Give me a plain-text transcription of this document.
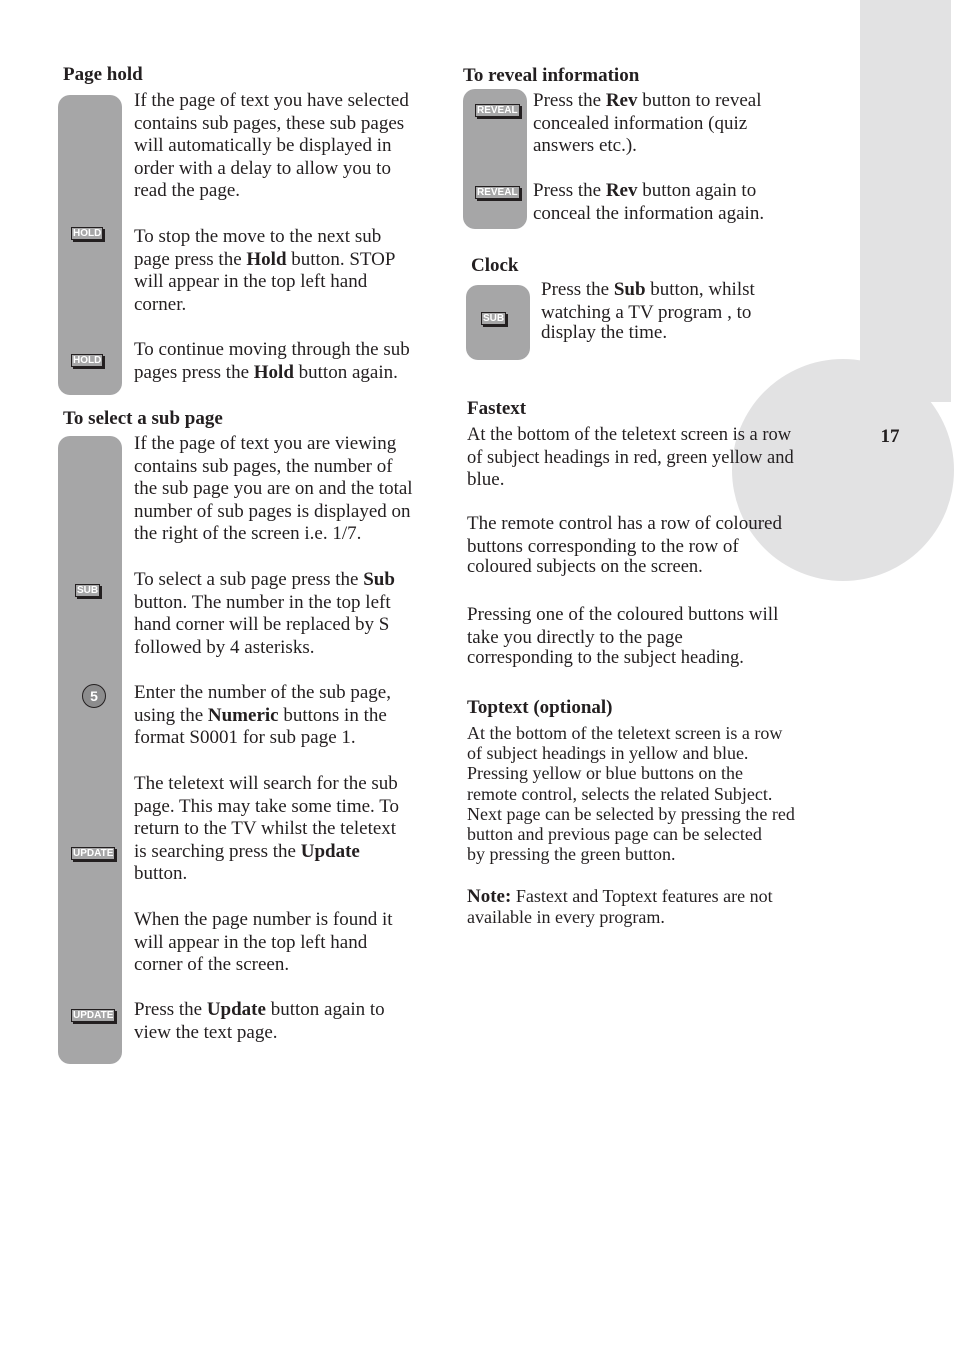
17
Page hold
HOLD
HOLD
If the page of text you have selected
contains sub pages, these sub pages
will automatically be displayed in
order with a delay to allow you to
read the page.
To stop the move to the next sub
page press the Hold button. STOP
will appear in the top left hand
corner.
To continue moving through the sub
pages press the Hold button again.
To select a sub page
SUB
5
UPDATE
UPDATE
If the page of text you are viewing
contains sub pages, the number of
the sub page you are on and the total
number of sub pages is displayed on
the right of the screen i.e. 1/7.
To select a sub page press the Sub
button. The number in the top left
hand corner will be replaced by S
followed by 4 asterisks.
Enter the number of the sub page,
using the Numeric buttons in the
format S0001 for sub page 1.
The teletext will search for the sub
page. This may take some time. To
return to the TV whilst the teletext
is searching press the Update
button.
When the page number is found it
will appear in the top left hand
corner of the screen.
Press the Update button again to
view the text page.
To reveal information
REVEAL
REVEAL
Press the Rev button to reveal
concealed information (quiz
answers etc.).
Press the Rev button again to
conceal the information again.
Clock
SUB
Press the Sub button, whilst
watching a TV program , to
display the time.
Fastext
At the bottom of the teletext screen is a row
of subject headings in red, green yellow and
blue.
The remote control has a row of coloured
buttons corresponding to the row of
coloured subjects on the screen.
Pressing one of the coloured buttons will
take you directly to the page
corresponding to the subject heading.
Toptext (optional)
At the bottom of the teletext screen is a row
of subject headings in yellow and blue.
Pressing yellow or blue buttons on the
remote control, selects the related Subject.
Next page can be selected by pressing the red
button and previous page can be selected
by pressing the green button.
Note: Fastext and Toptext features are not
available in every program.
